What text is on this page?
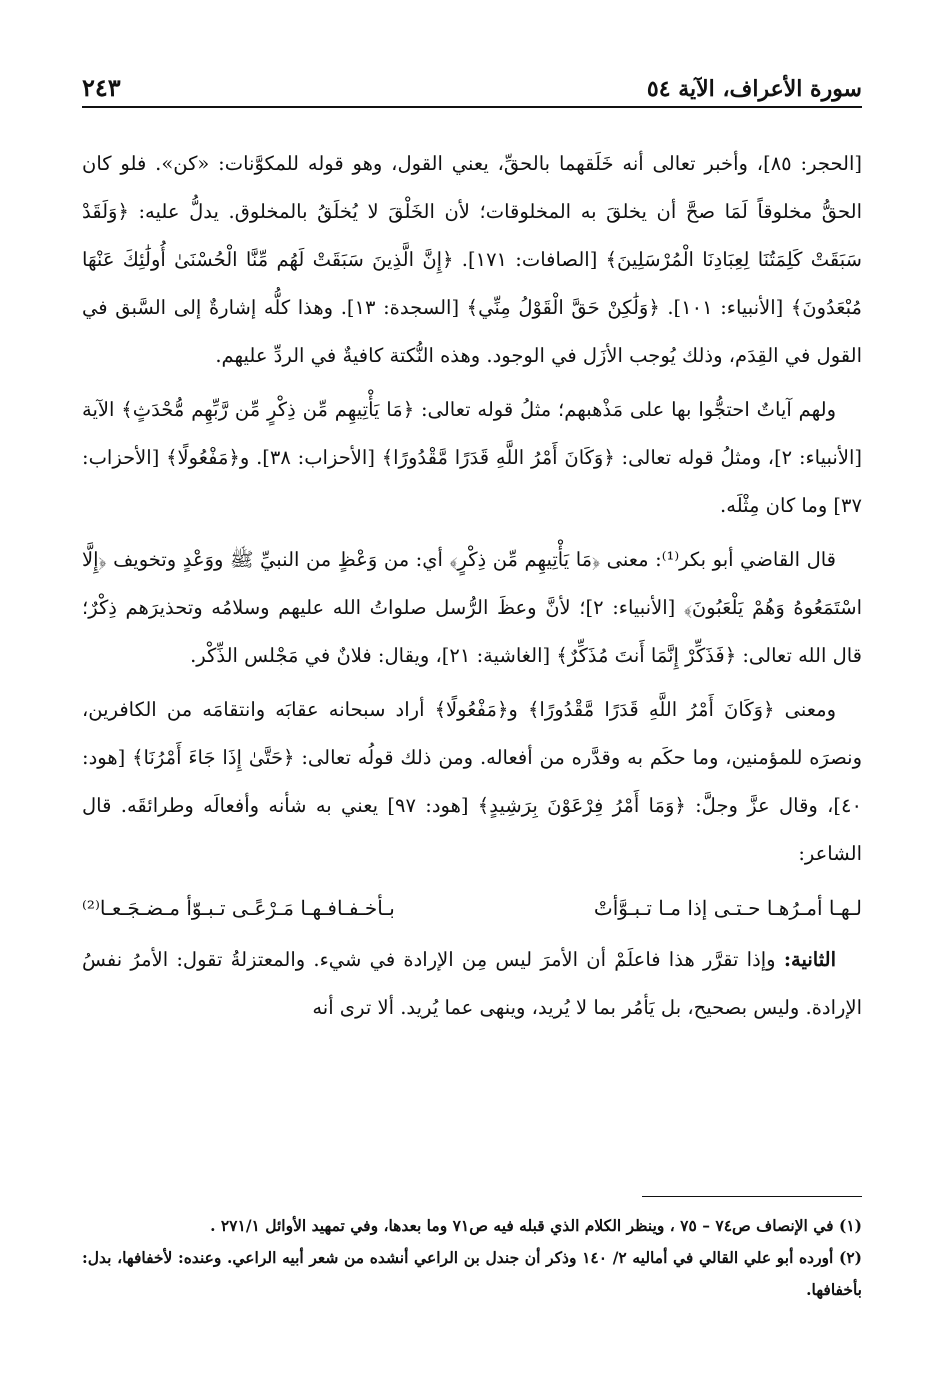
سورة الأعراف، الآية ٥٤
٢٤٣

[الحجر: ٨٥]، وأخبر تعالى أنه خَلَقهما بالحقِّ، يعني القول، وهو قوله للمكوَّنات: «كن». فلو كان الحقُّ مخلوقاً لَمَا صحَّ أن يخلقَ به المخلوقات؛ لأن الخَلْقَ لا يُخلَقُ بالمخلوق. يدلُّ عليه: ﴿وَلَقَدْ سَبَقَتْ كَلِمَتُنَا لِعِبَادِنَا الْمُرْسَلِينَ﴾ [الصافات: ١٧١]. ﴿إِنَّ الَّذِينَ سَبَقَتْ لَهُم مِّنَّا الْحُسْنَىٰ أُولَٰئِكَ عَنْهَا مُبْعَدُونَ﴾ [الأنبياء: ١٠١]. ﴿وَلَٰكِنْ حَقَّ الْقَوْلُ مِنِّي﴾ [السجدة: ١٣]. وهذا كلُّه إشارةٌ إلى السَّبق في القول في القِدَم، وذلك يُوجب الأزَل في الوجود. وهذه النُّكتة كافيةٌ في الردِّ عليهم.

ولهم آياتٌ احتجُّوا بها على مَذْهبهم؛ مثلُ قوله تعالى: ﴿مَا يَأْتِيهِم مِّن ذِكْرٍ مِّن رَّبِّهِم مُّحْدَثٍ﴾ الآية [الأنبياء: ٢]، ومثلُ قوله تعالى: ﴿وَكَانَ أَمْرُ اللَّهِ قَدَرًا مَّقْدُورًا﴾ [الأحزاب: ٣٨]. و﴿مَفْعُولًا﴾ [الأحزاب: ٣٧] وما كان مِثْلَه.

قال القاضي أبو بكر⁽¹⁾: معنى ﴿مَا يَأْتِيهِم مِّن ذِكْرٍ﴾ أي: من وَعْظٍ من النبيِّ ﷺ ووَعْدٍ وتخويف ﴿إِلَّا اسْتَمَعُوهُ وَهُمْ يَلْعَبُونَ﴾ [الأنبياء: ٢]؛ لأنَّ وعظَ الرُّسل صلواتُ الله عليهم وسلامُه وتحذيرَهم ذِكْرٌ؛ قال الله تعالى: ﴿فَذَكِّرْ إِنَّمَا أَنتَ مُذَكِّرٌ﴾ [الغاشية: ٢١]، ويقال: فلانٌ في مَجْلس الذِّكْر.

ومعنى ﴿وَكَانَ أَمْرُ اللَّهِ قَدَرًا مَّقْدُورًا﴾ و﴿مَفْعُولًا﴾ أراد سبحانه عقابَه وانتقامَه من الكافرين، ونصرَه للمؤمنين، وما حكَم به وقدَّره من أفعاله. ومن ذلك قولُه تعالى: ﴿حَتَّىٰ إِذَا جَاءَ أَمْرُنَا﴾ [هود: ٤٠]، وقال عزَّ وجلَّ: ﴿وَمَا أَمْرُ فِرْعَوْنَ بِرَشِيدٍ﴾ [هود: ٩٧] يعني به شأنه وأفعالَه وطرائقَه. قال الشاعر:

لـهـا أمـرُهـا حـتـى إذا مـا تـبـوَّأتْ
بـأخـفـافـهـا مَـرْعًـى تـبـوّأ مـضـجَـعـا⁽²⁾

الثانية: وإذا تقرَّر هذا فاعلَمْ أن الأمرَ ليس مِن الإرادة في شيء. والمعتزلةُ تقول: الأمرُ نفسُ الإرادة. وليس بصحيح، بل يَأمُر بما لا يُريد، وينهى عما يُريد. ألا ترى أنه

(١) في الإنصاف ص٧٤ – ٧٥ ، وينظر الكلام الذي قبله فيه ص٧١ وما بعدها، وفي تمهيد الأوائل ٢٧١/١ .

(٢) أورده أبو علي القالي في أماليه ٢/ ١٤٠ وذكر أن جندل بن الراعي أنشده من شعر أبيه الراعي. وعنده: لأخفافها، بدل: بأخفافها.
